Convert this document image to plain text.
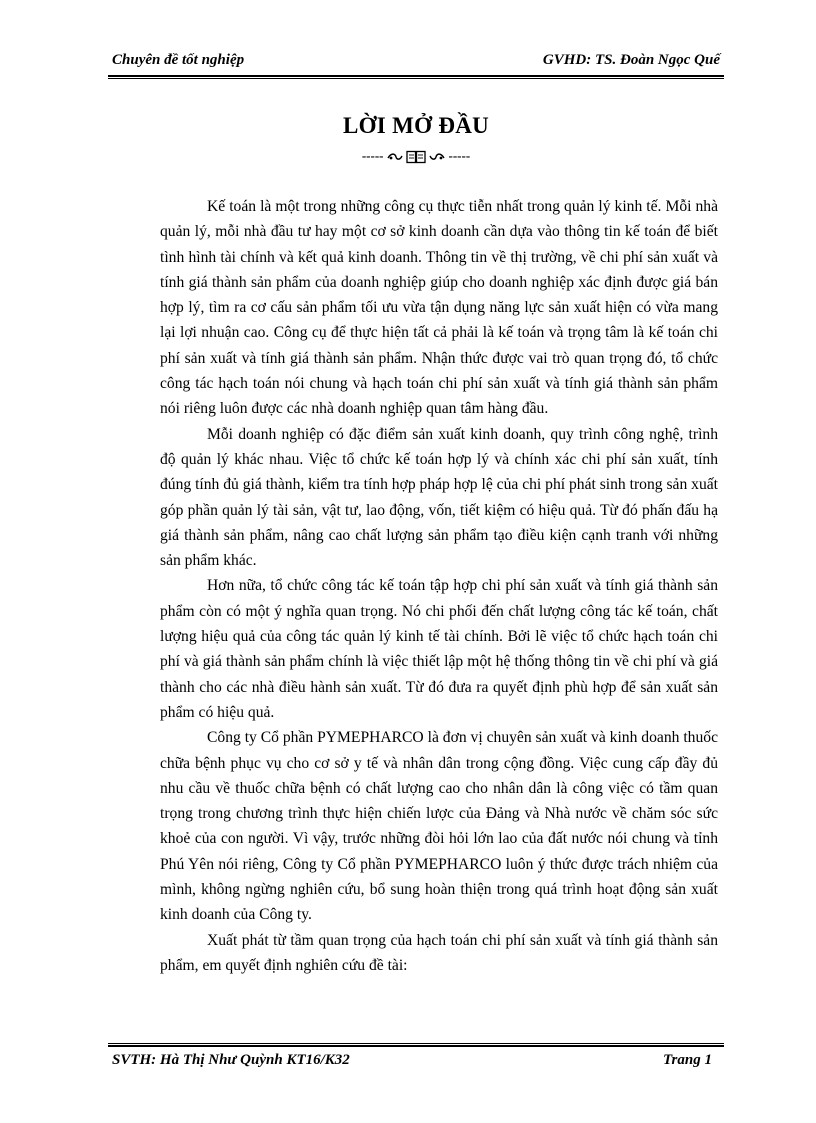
Chuyên đề tốt nghiệp	GVHD: TS. Đoàn Ngọc Quế
LỜI MỞ ĐẦU
-----	-----

Kế toán là một trong những công cụ thực tiễn nhất trong quản lý kinh tế. Mỗi nhà quản lý, mỗi nhà đầu tư hay một cơ sở kinh doanh cần dựa vào thông tin kế toán để biết tình hình tài chính và kết quả kinh doanh. Thông tin về thị trường, về chi phí sản xuất và tính giá thành sản phẩm của doanh nghiệp giúp cho doanh nghiệp xác định được giá bán hợp lý, tìm ra cơ cấu sản phẩm tối ưu vừa tận dụng năng lực sản xuất hiện có vừa mang lại lợi nhuận cao. Công cụ để thực hiện tất cả phải là kế toán và trọng tâm là kế toán chi phí sản xuất và tính giá thành sản phẩm. Nhận thức được vai trò quan trọng đó, tổ chức công tác hạch toán nói chung và hạch toán chi phí sản xuất và tính giá thành sản phẩm nói riêng luôn được các nhà doanh nghiệp quan tâm hàng đầu.

Mỗi doanh nghiệp có đặc điểm sản xuất kinh doanh, quy trình công nghệ, trình độ quản lý khác nhau. Việc tổ chức kế toán hợp lý và chính xác chi phí sản xuất, tính đúng tính đủ giá thành, kiểm tra tính hợp pháp hợp lệ của chi phí phát sinh trong sản xuất góp phần quản lý tài sản, vật tư, lao động, vốn, tiết kiệm có hiệu quả. Từ đó phấn đấu hạ giá thành sản phẩm, nâng cao chất lượng sản phẩm tạo điều kiện cạnh tranh với những sản phẩm khác.

Hơn nữa, tổ chức công tác kế toán tập hợp chi phí sản xuất và tính giá thành sản phẩm còn có một ý nghĩa quan trọng. Nó chi phối đến chất lượng công tác kế toán, chất lượng hiệu quả của công tác quản lý kinh tế tài chính. Bởi lẽ việc tổ chức hạch toán chi phí và giá thành sản phẩm chính là việc thiết lập một hệ thống thông tin về chi phí và giá thành cho các nhà điều hành sản xuất. Từ đó đưa ra quyết định phù hợp để sản xuất sản phẩm có hiệu quả.

Công ty Cổ phần PYMEPHARCO là đơn vị chuyên sản xuất và kinh doanh thuốc chữa bệnh phục vụ cho cơ sở y tế và nhân dân trong cộng đồng. Việc cung cấp đầy đủ nhu cầu về thuốc chữa bệnh có chất lượng cao cho nhân dân là công việc có tầm quan trọng trong chương trình thực hiện chiến lược của Đảng và Nhà nước về chăm sóc sức khoẻ của con người. Vì vậy, trước những đòi hỏi lớn lao của đất nước nói chung và tỉnh Phú Yên nói riêng, Công ty Cổ phần PYMEPHARCO luôn ý thức được trách nhiệm của mình, không ngừng nghiên cứu, bổ sung hoàn thiện trong quá trình hoạt động sản xuất kinh doanh của Công ty.

Xuất phát từ tầm quan trọng của hạch toán chi phí sản xuất và tính giá thành sản phẩm, em quyết định nghiên cứu đề tài:

SVTH: Hà Thị Như Quỳnh KT16/K32	Trang 1
